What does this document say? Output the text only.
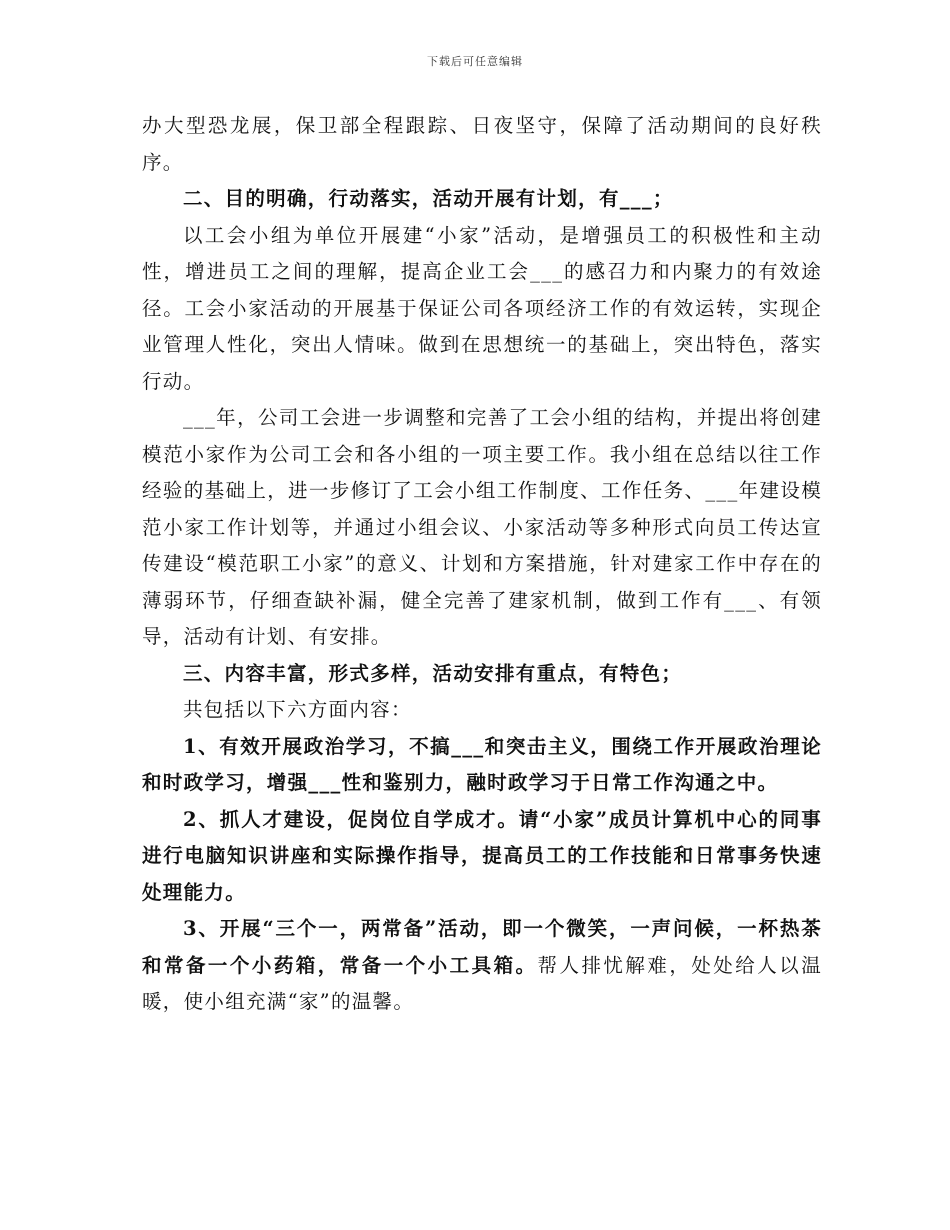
下载后可任意编辑

办大型恐龙展，保卫部全程跟踪、日夜坚守，保障了活动期间的良好秩序。

二、目的明确，行动落实，活动开展有计划，有___；

以工会小组为单位开展建“小家”活动，是增强员工的积极性和主动性，增进员工之间的理解，提高企业工会___的感召力和内聚力的有效途径。工会小家活动的开展基于保证公司各项经济工作的有效运转，实现企业管理人性化，突出人情味。做到在思想统一的基础上，突出特色，落实行动。

___年，公司工会进一步调整和完善了工会小组的结构，并提出将创建模范小家作为公司工会和各小组的一项主要工作。我小组在总结以往工作经验的基础上，进一步修订了工会小组工作制度、工作任务、___年建设模范小家工作计划等，并通过小组会议、小家活动等多种形式向员工传达宣传建设“模范职工小家”的意义、计划和方案措施，针对建家工作中存在的薄弱环节，仔细查缺补漏，健全完善了建家机制，做到工作有___、有领导，活动有计划、有安排。

三、内容丰富，形式多样，活动安排有重点，有特色；

共包括以下六方面内容：

1、有效开展政治学习，不搞___和突击主义，围绕工作开展政治理论和时政学习，增强___性和鉴别力，融时政学习于日常工作沟通之中。

2、抓人才建设，促岗位自学成才。请“小家”成员计算机中心的同事进行电脑知识讲座和实际操作指导，提高员工的工作技能和日常事务快速处理能力。

3、开展“三个一，两常备”活动，即一个微笑，一声问候，一杯热茶和常备一个小药箱，常备一个小工具箱。帮人排忧解难，处处给人以温暖，使小组充满“家”的温馨。
